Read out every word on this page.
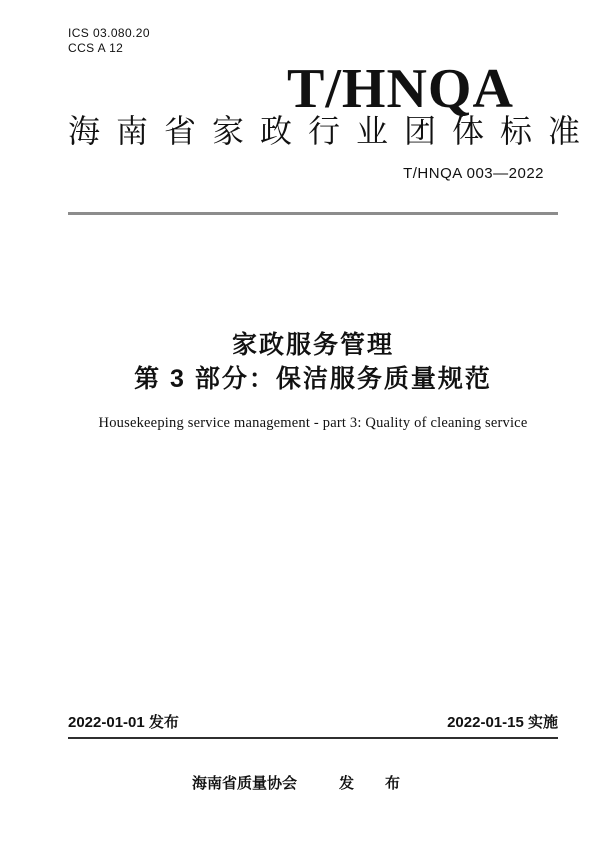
ICS 03.080.20
CCS A 12
T/HNQA
海南省家政行业团体标准
T/HNQA 003—2022
家政服务管理
第 3 部分：保洁服务质量规范
Housekeeping service management - part 3: Quality of cleaning service
2022-01-01 发布	2022-01-15 实施
海南省质量协会	发　布
